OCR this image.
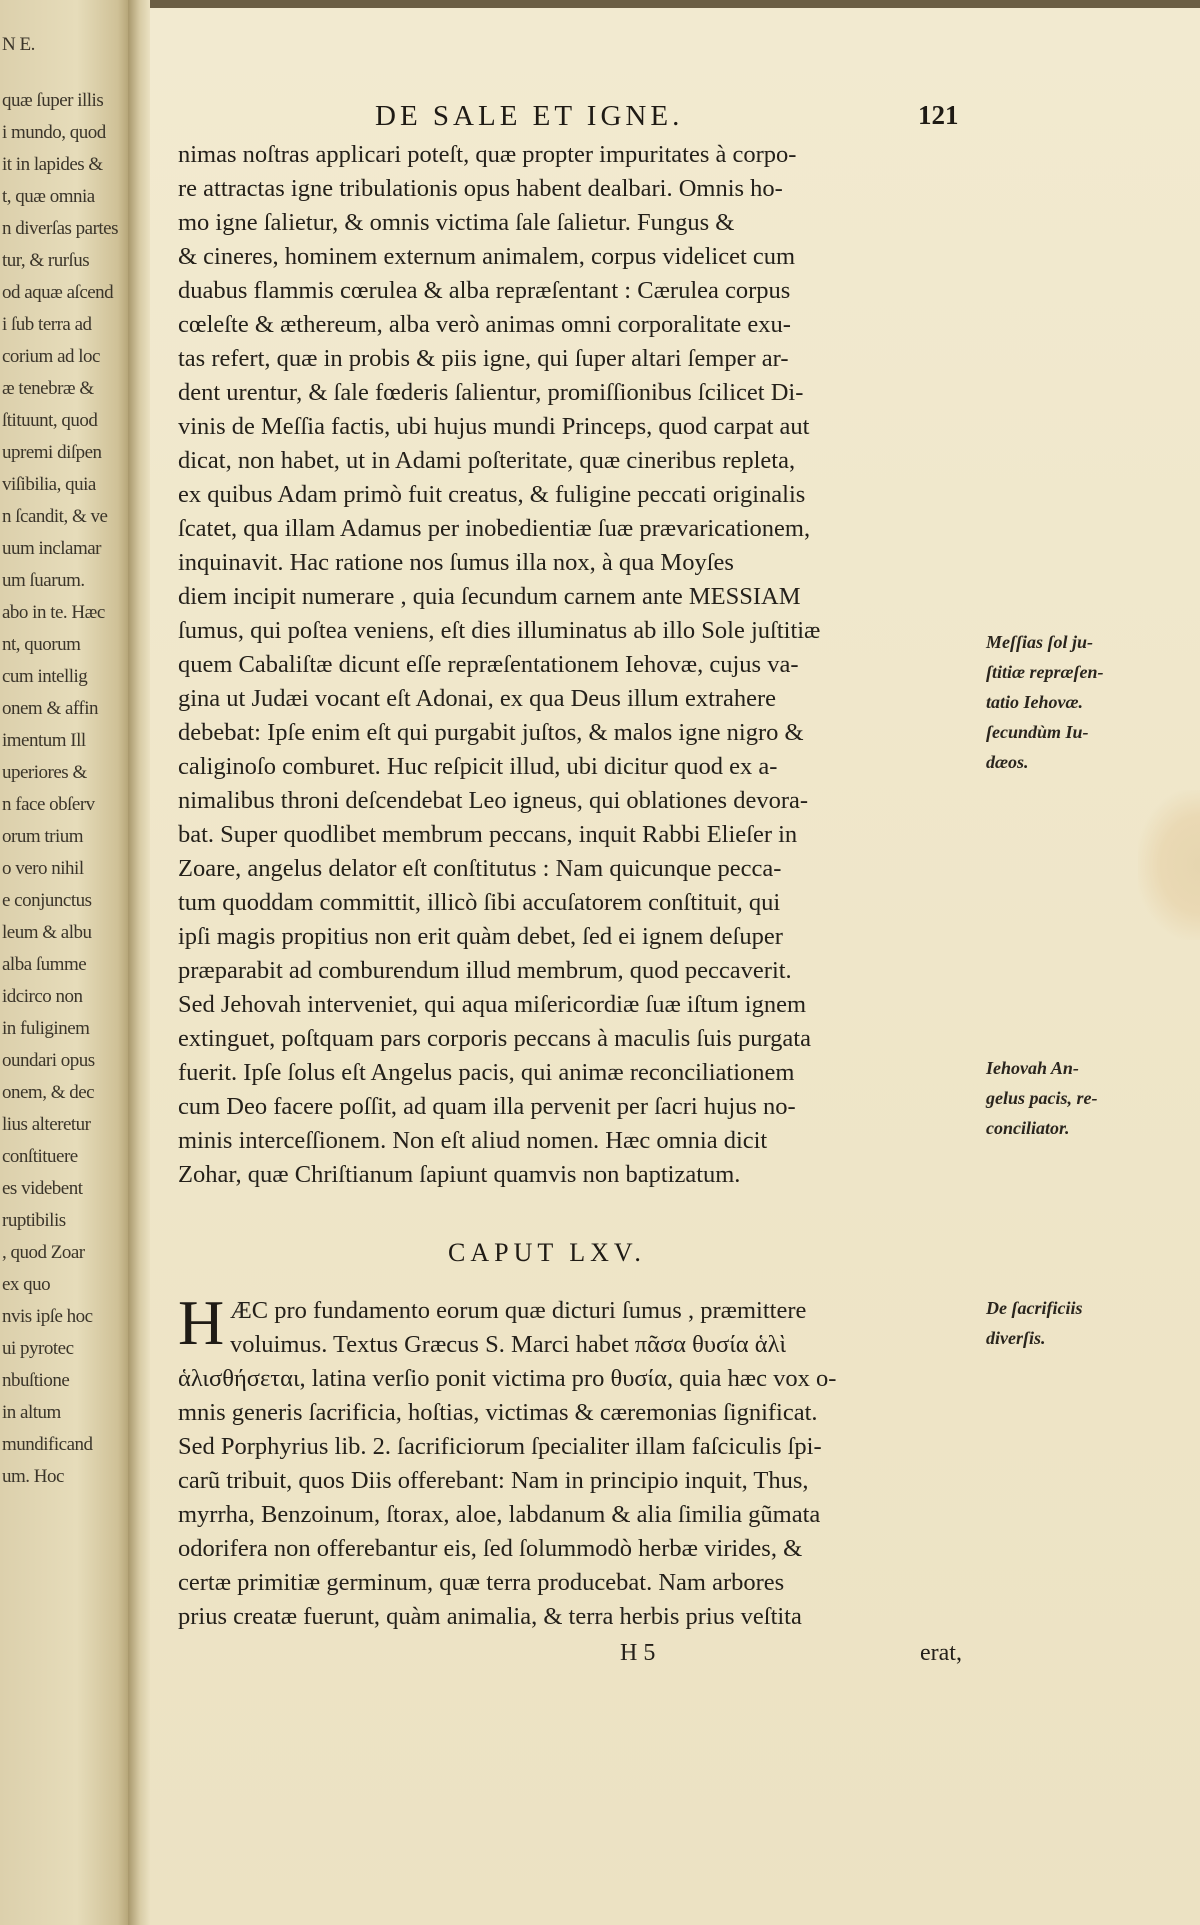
N E.
quæ ſuper illis
i mundo, quod
it in lapides &
t, quæ omnia
n diverſas partes
tur, & rurſus
od aquæ aſcend
i ſub terra ad
corium ad loc
æ tenebræ &
ſtituunt, quod
upremi diſpen
viſibilia, quia
n ſcandit, & ve
uum inclamar
um ſuarum.
abo in te. Hæc
nt, quorum
cum intellig
onem & affin
imentum Ill
uperiores &
n face obſerv
orum trium
o vero nihil
e conjunctus
leum & albu
alba ſumme
idcirco non
in fuliginem
oundari opus
onem, & dec
lius alteretur
conſtituere
es videbent
ruptibilis
, quod Zoar
ex quo
nvis ipſe hoc
ui pyrotec
nbuſtione
in altum
mundificand
um. Hoc
DE SALE ET IGNE.	121
nimas noſtras applicari poteſt, quæ propter impuritates à corpo-
re attractas igne tribulationis opus habent dealbari. Omnis ho-
mo igne ſalietur, & omnis victima ſale ſalietur. Fungus &
& cineres, hominem externum animalem, corpus videlicet cum
duabus flammis cœrulea & alba repræſentant : Cærulea corpus
cœleſte & æthereum, alba verò animas omni corporalitate exu-
tas refert, quæ in probis & piis igne, qui ſuper altari ſemper ar-
dent urentur, & ſale fœderis ſalientur, promiſſionibus ſcilicet Di-
vinis de Meſſia factis, ubi hujus mundi Princeps, quod carpat aut
dicat, non habet, ut in Adami poſteritate, quæ cineribus repleta,
ex quibus Adam primò fuit creatus, & fuligine peccati originalis
ſcatet, qua illam Adamus per inobedientiæ ſuæ prævaricationem,
inquinavit. Hac ratione nos ſumus illa nox, à qua Moyſes
diem incipit numerare , quia ſecundum carnem ante MESSIAM
ſumus, qui poſtea veniens, eſt dies illuminatus ab illo Sole juſtitiæ
quem Cabaliſtæ dicunt eſſe repræſentationem Iehovæ, cujus va-
gina ut Judæi vocant eſt Adonai, ex qua Deus illum extrahere
debebat: Ipſe enim eſt qui purgabit juſtos, & malos igne nigro &
caliginoſo comburet. Huc reſpicit illud, ubi dicitur quod ex a-
nimalibus throni deſcendebat Leo igneus, qui oblationes devora-
bat. Super quodlibet membrum peccans, inquit Rabbi Elieſer in
Zoare, angelus delator eſt conſtitutus : Nam quicunque pecca-
tum quoddam committit, illicò ſibi accuſatorem conſtituit, qui
ipſi magis propitius non erit quàm debet, ſed ei ignem deſuper
præparabit ad comburendum illud membrum, quod peccaverit.
Sed Jehovah interveniet, qui aqua miſericordiæ ſuæ iſtum ignem
extinguet, poſtquam pars corporis peccans à maculis ſuis purgata
fuerit. Ipſe ſolus eſt Angelus pacis, qui animæ reconciliationem
cum Deo facere poſſit, ad quam illa pervenit per ſacri hujus no-
minis interceſſionem. Non eſt aliud nomen. Hæc omnia dicit
Zohar, quæ Chriſtianum ſapiunt quamvis non baptizatum.
CAPUT LXV.
H ÆC pro fundamento eorum quæ dicturi ſumus , præmittere
voluimus. Textus Græcus S. Marci habet πᾶσα θυσία ἁλὶ
ἁλισθήσεται, latina verſio ponit victima pro θυσία, quia hæc vox o-
mnis generis ſacrificia, hoſtias, victimas & cæremonias ſignificat.
Sed Porphyrius lib. 2. ſacrificiorum ſpecialiter illam faſciculis ſpi-
carũ tribuit, quos Diis offerebant: Nam in principio inquit, Thus,
myrrha, Benzoinum, ſtorax, aloe, labdanum & alia ſimilia gũmata
odorifera non offerebantur eis, ſed ſolummodò herbæ virides, &
certæ primitiæ germinum, quæ terra producebat. Nam arbores
prius creatæ fuerunt, quàm animalia, & terra herbis prius veſtita
Meſſias ſol ju-
ſtitiæ repræſen-
tatio Iehovæ.
ſecundùm Iu-
dæos.
Iehovah An-
gelus pacis, re-
conciliator.
De ſacrificiis
diverſis.
H 5	erat,
